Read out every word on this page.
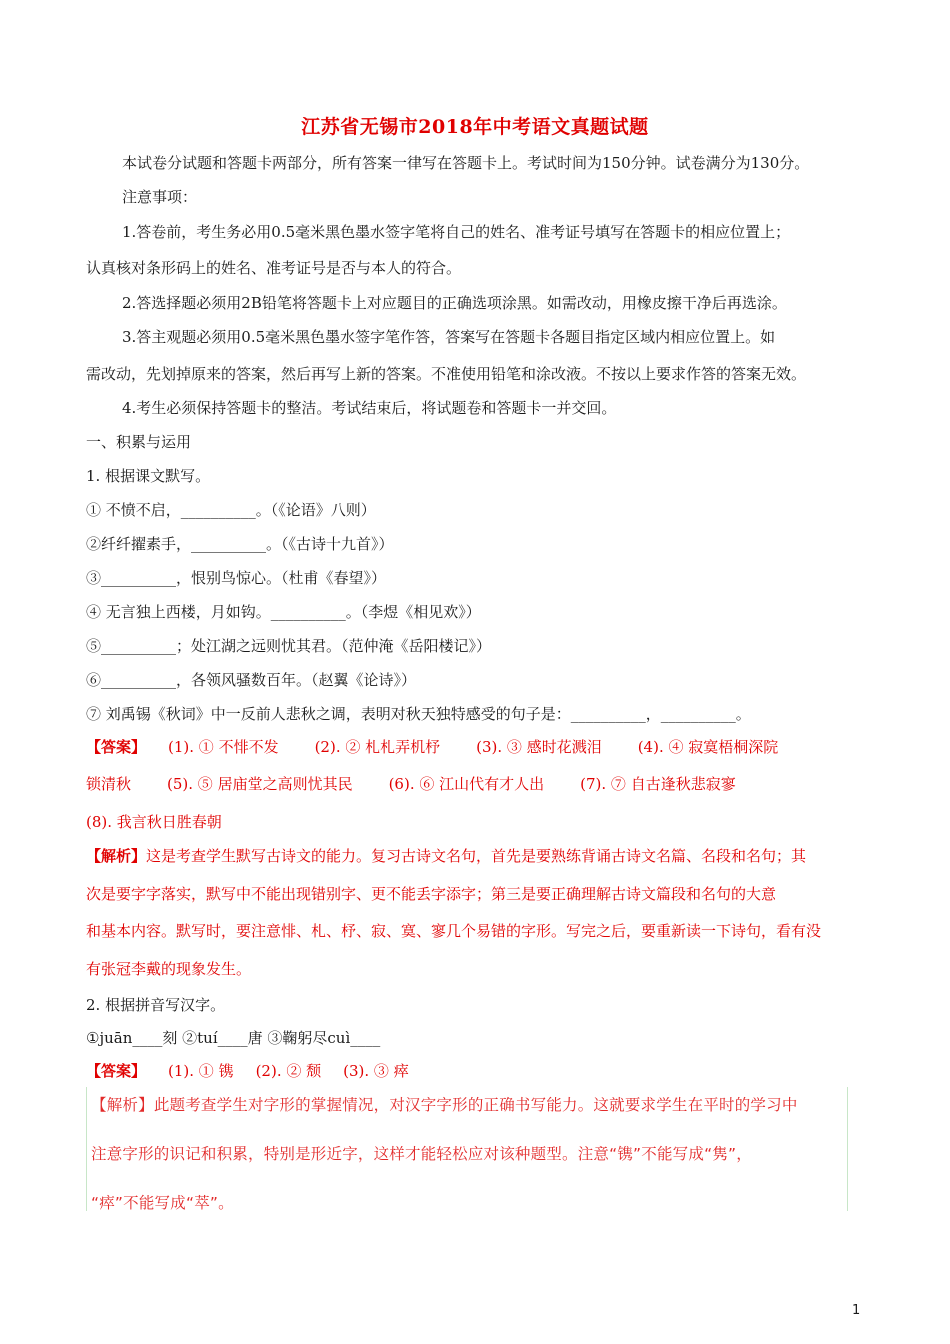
江苏省无锡市2018年中考语文真题试题
本试卷分试题和答题卡两部分，所有答案一律写在答题卡上。考试时间为150分钟。试卷满分为130分。
注意事项：
1.答卷前，考生务必用0.5毫米黑色墨水签字笔将自己的姓名、准考证号填写在答题卡的相应位置上；
认真核对条形码上的姓名、准考证号是否与本人的符合。
2.答选择题必须用2B铅笔将答题卡上对应题目的正确选项涂黑。如需改动，用橡皮擦干净后再选涂。
3.答主观题必须用0.5毫米黑色墨水签字笔作答，答案写在答题卡各题目指定区域内相应位置上。如
需改动，先划掉原来的答案，然后再写上新的答案。不准使用铅笔和涂改液。不按以上要求作答的答案无效。
4.考生必须保持答题卡的整洁。考试结束后，将试题卷和答题卡一并交回。
一、积累与运用
1. 根据课文默写。
① 不愤不启，__________。（《论语》八则）
②纤纤擢素手，__________。（《古诗十九首》）
③__________，恨别鸟惊心。（杜甫《春望》）
④ 无言独上西楼，月如钩。__________。（李煜《相见欢》）
⑤__________；处江湖之远则忧其君。（范仲淹《岳阳楼记》）
⑥__________，各领风骚数百年。（赵翼《论诗》）
⑦ 刘禹锡《秋词》中一反前人悲秋之调，表明对秋天独特感受的句子是：__________，__________。
【答案】 (1). ① 不悱不发 (2). ② 札札弄机杼 (3). ③ 感时花溅泪 (4). ④ 寂寞梧桐深院
锁清秋 (5). ⑤ 居庙堂之高则忧其民 (6). ⑥ 江山代有才人出 (7). ⑦ 自古逢秋悲寂寥
(8). 我言秋日胜春朝
【解析】这是考查学生默写古诗文的能力。复习古诗文名句，首先是要熟练背诵古诗文名篇、名段和名句；其
次是要字字落实，默写中不能出现错别字、更不能丢字添字；第三是要正确理解古诗文篇段和名句的大意
和基本内容。默写时，要注意悱、札、杼、寂、寞、寥几个易错的字形。写完之后，要重新读一下诗句，看有没
有张冠李戴的现象发生。
2. 根据拼音写汉字。
①juān____刻 ②tuí____唐 ③鞠躬尽cuì____
【答案】 (1). ① 镌 (2). ② 颓 (3). ③ 瘁
【解析】此题考查学生对字形的掌握情况，对汉字字形的正确书写能力。这就要求学生在平时的学习中
注意字形的识记和积累，特别是形近字，这样才能轻松应对该种题型。注意“镌”不能写成“隽”，
“瘁”不能写成“萃”。
1
